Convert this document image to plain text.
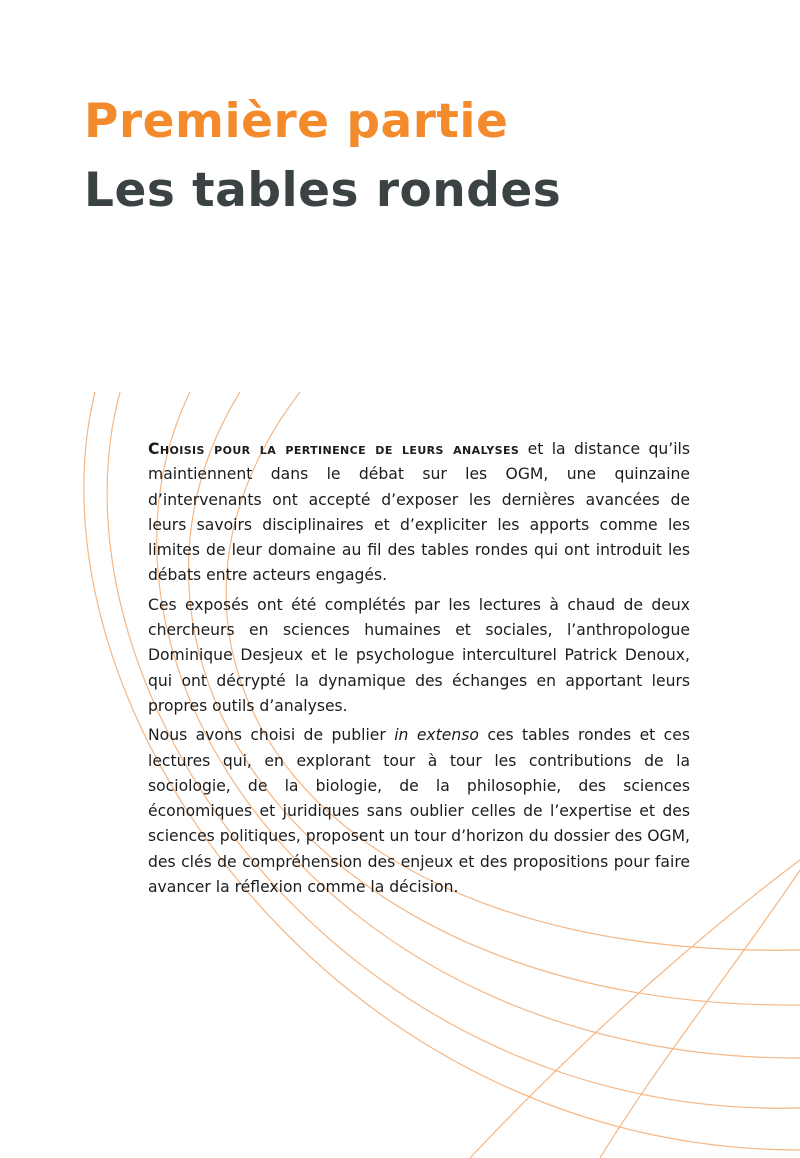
Première partie
Les tables rondes

Choisis pour la pertinence de leurs analyses et la distance qu’ils maintiennent dans le débat sur les OGM, une quinzaine d’intervenants ont accepté d’exposer les dernières avancées de leurs savoirs disciplinaires et d’expliciter les apports comme les limites de leur domaine au fil des tables rondes qui ont introduit les débats entre acteurs engagés.

Ces exposés ont été complétés par les lectures à chaud de deux chercheurs en sciences humaines et sociales, l’anthropologue Dominique Desjeux et le psychologue interculturel Patrick Denoux, qui ont décrypté la dynamique des échanges en apportant leurs propres outils d’analyses.

Nous avons choisi de publier in extenso ces tables rondes et ces lectures qui, en explorant tour à tour les contributions de la sociologie, de la biologie, de la philosophie, des sciences économiques et juridiques sans oublier celles de l’expertise et des sciences politiques, proposent un tour d’horizon du dossier des OGM, des clés de compréhension des enjeux et des propositions pour faire avancer la réflexion comme la décision.
